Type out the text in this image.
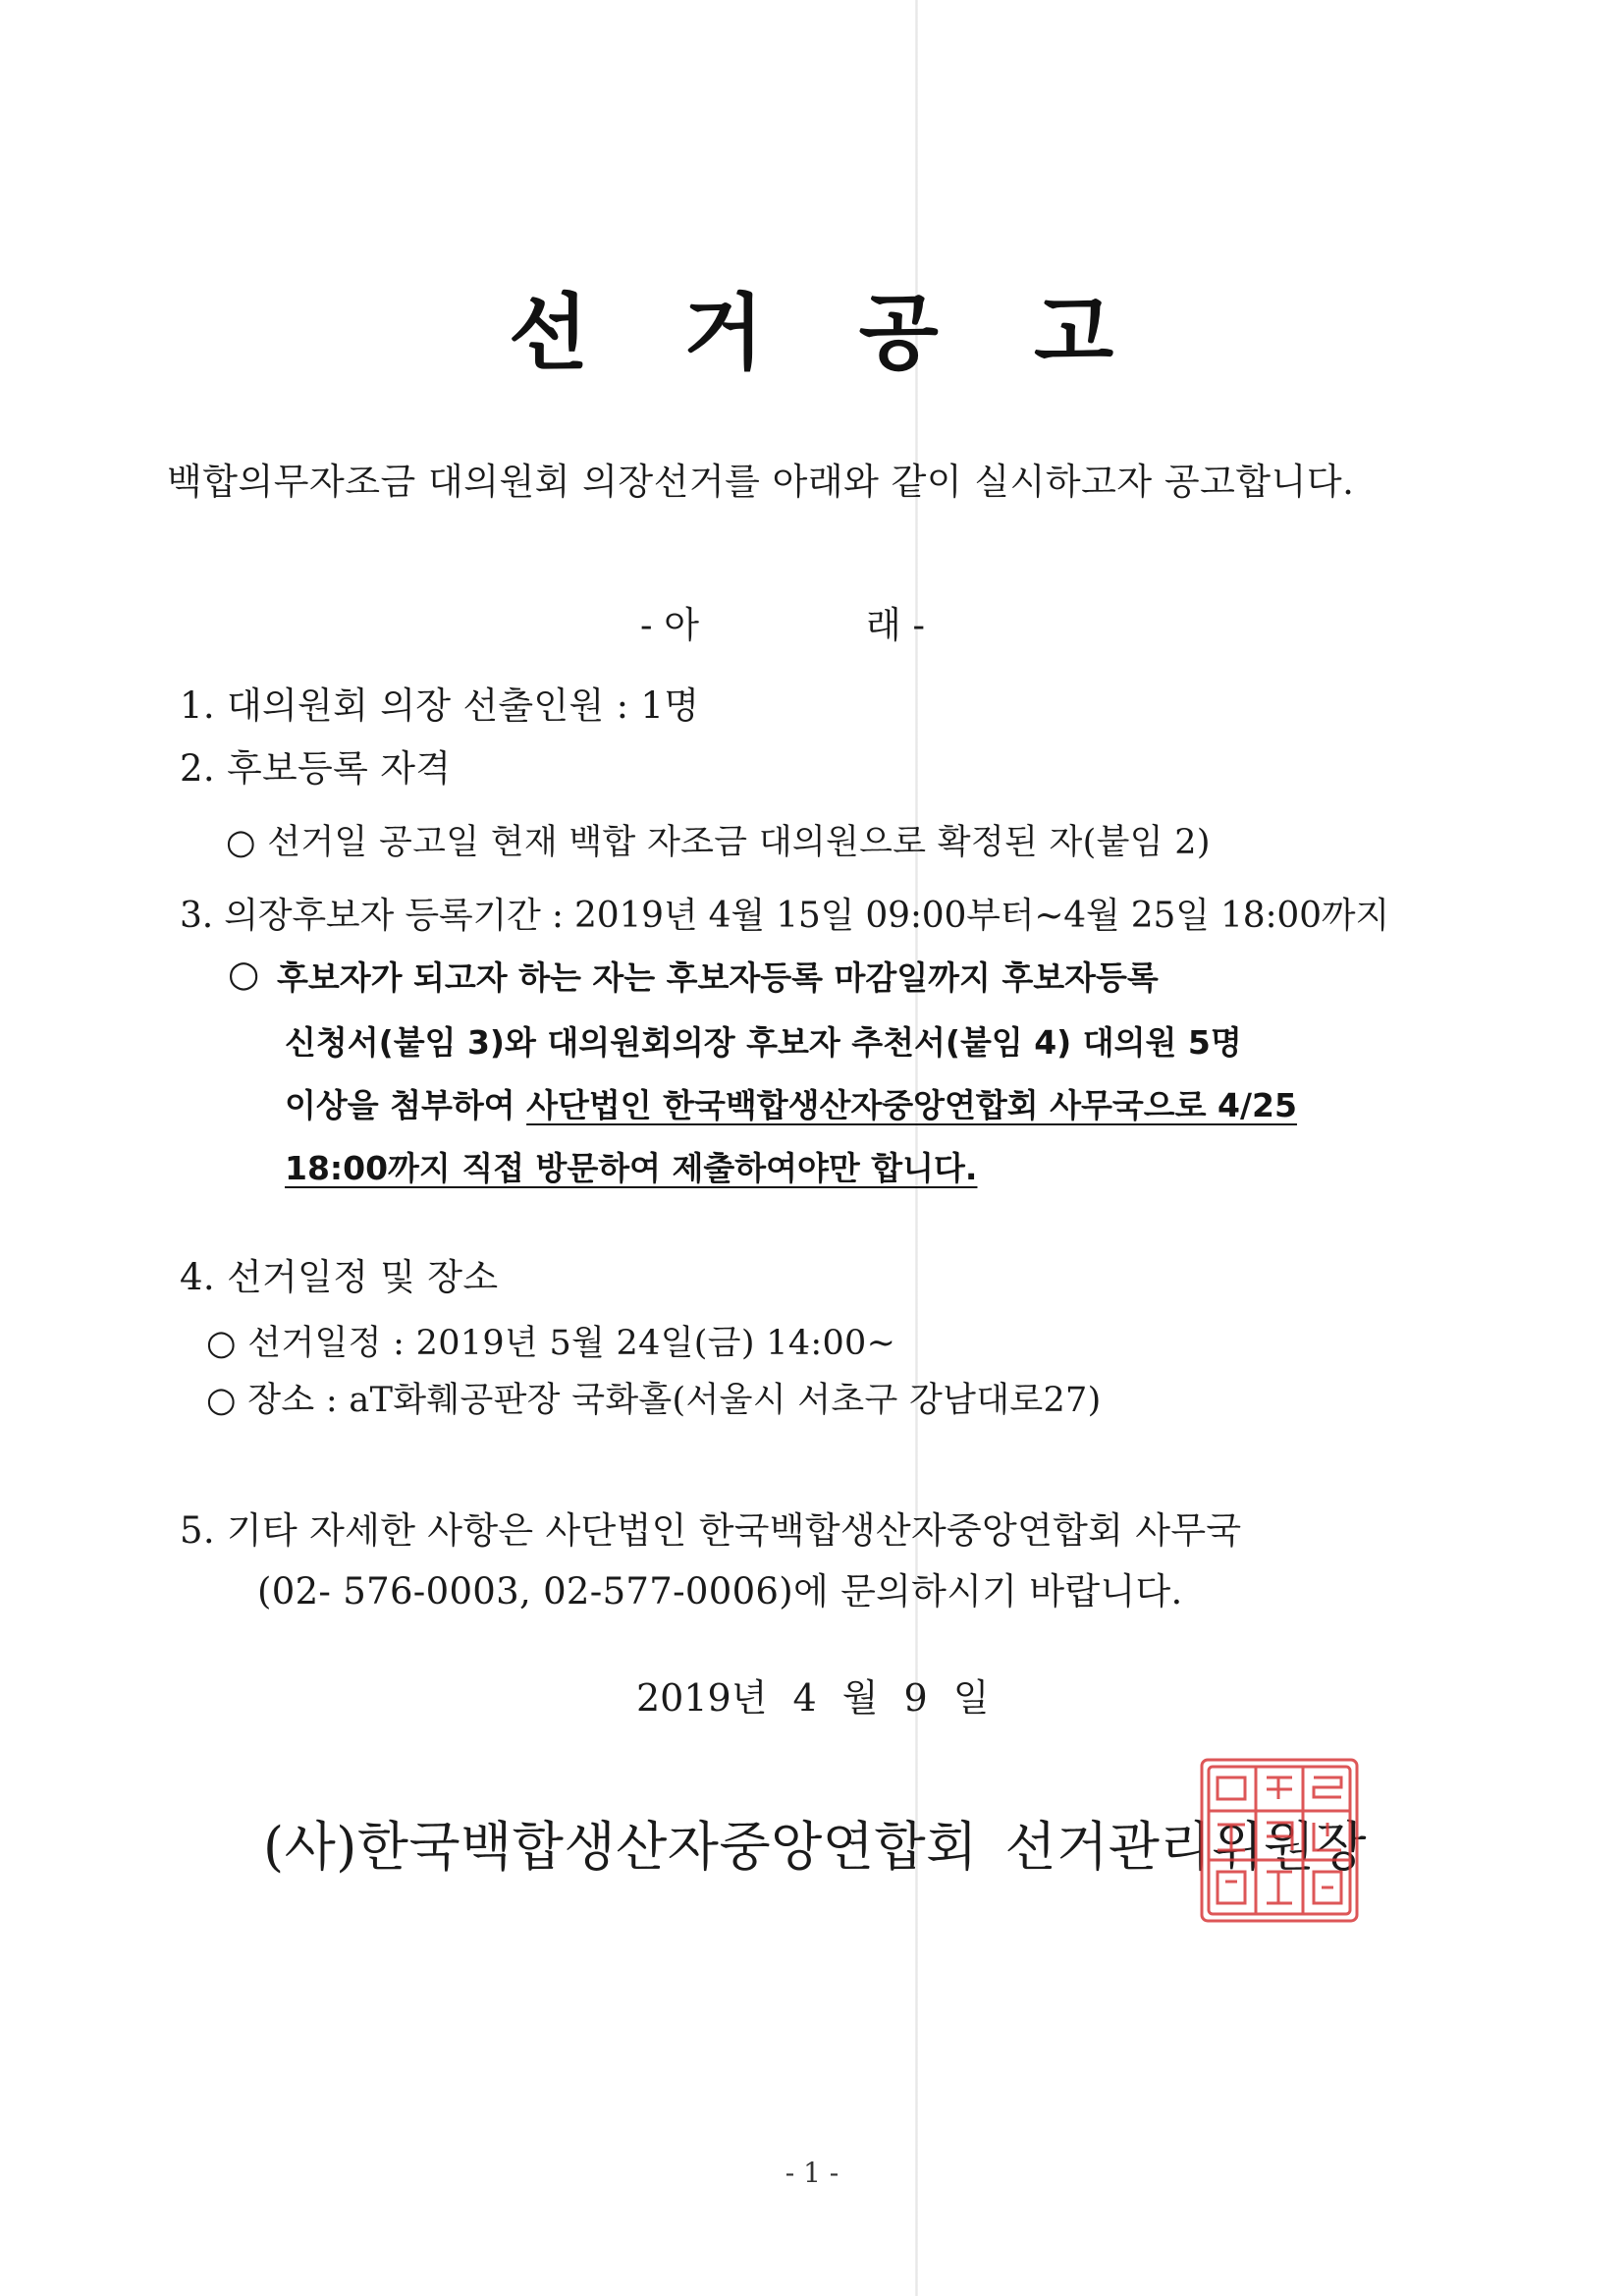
선 거 공 고
백합의무자조금 대의원회 의장선거를 아래와 같이 실시하고자 공고합니다.
- 아	래 -
1. 대의원회 의장 선출인원 : 1명
2. 후보등록 자격
○ 선거일 공고일 현재 백합 자조금 대의원으로 확정된 자(붙임 2)
3. 의장후보자 등록기간 : 2019년 4월 15일 09:00부터~4월 25일 18:00까지
○ 후보자가 되고자 하는 자는 후보자등록 마감일까지 후보자등록
신청서(붙임 3)와 대의원회의장 후보자 추천서(붙임 4) 대의원 5명
이상을 첨부하여 사단법인 한국백합생산자중앙연합회 사무국으로 4/25
18:00까지 직접 방문하여 제출하여야만 합니다.
4. 선거일정 및 장소
○ 선거일정 : 2019년 5월 24일(금) 14:00~
○ 장소 : aT화훼공판장 국화홀(서울시 서초구 강남대로27)
5. 기타 자세한 사항은 사단법인 한국백합생산자중앙연합회 사무국
(02- 576-0003, 02-577-0006)에 문의하시기 바랍니다.
2019년 4 월 9 일
(사)한국백합생산자중앙연합회 선거관리위원장
- 1 -
